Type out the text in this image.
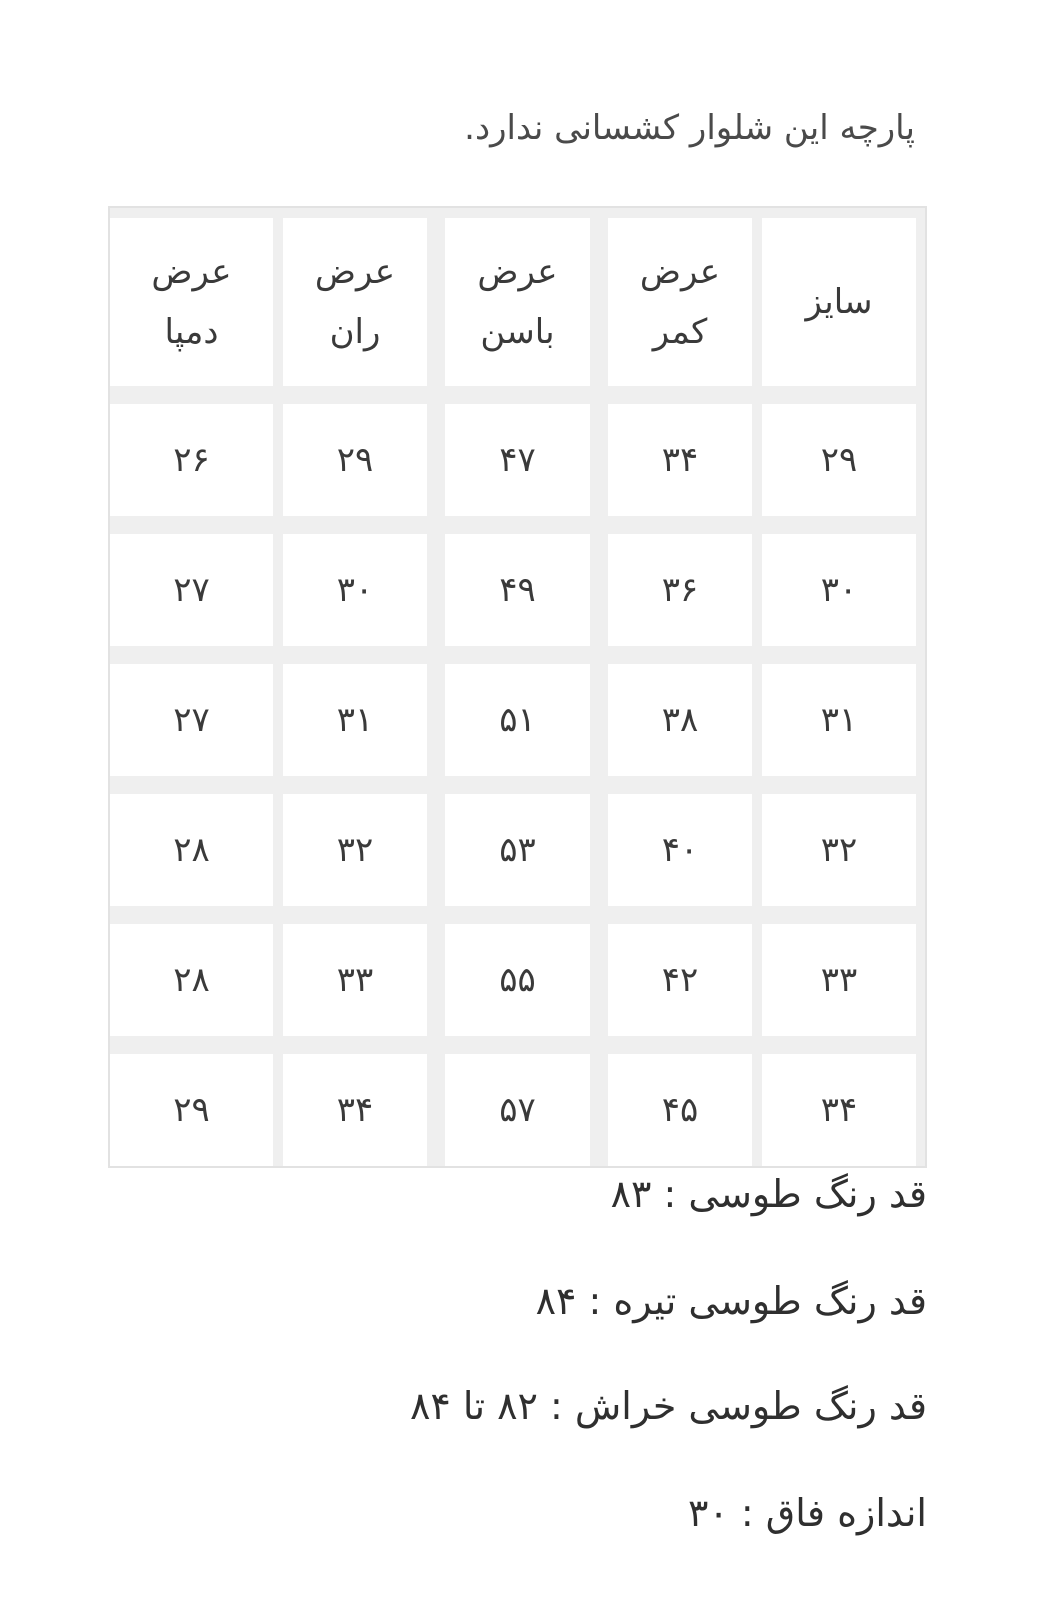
پارچه این شلوار کشسانی ندارد.
سایز
عرض
کمر
عرض
باسن
عرض
ران
عرض
دمپا
۲۹
۳۴
۴۷
۲۹
۲۶
۳۰
۳۶
۴۹
۳۰
۲۷
۳۱
۳۸
۵۱
۳۱
۲۷
۳۲
۴۰
۵۳
۳۲
۲۸
۳۳
۴۲
۵۵
۳۳
۲۸
۳۴
۴۵
۵۷
۳۴
۲۹
قد رنگ طوسی : ۸۳
قد رنگ طوسی تیره : ۸۴
قد رنگ طوسی خراش : ۸۲ تا ۸۴
اندازه فاق : ۳۰
